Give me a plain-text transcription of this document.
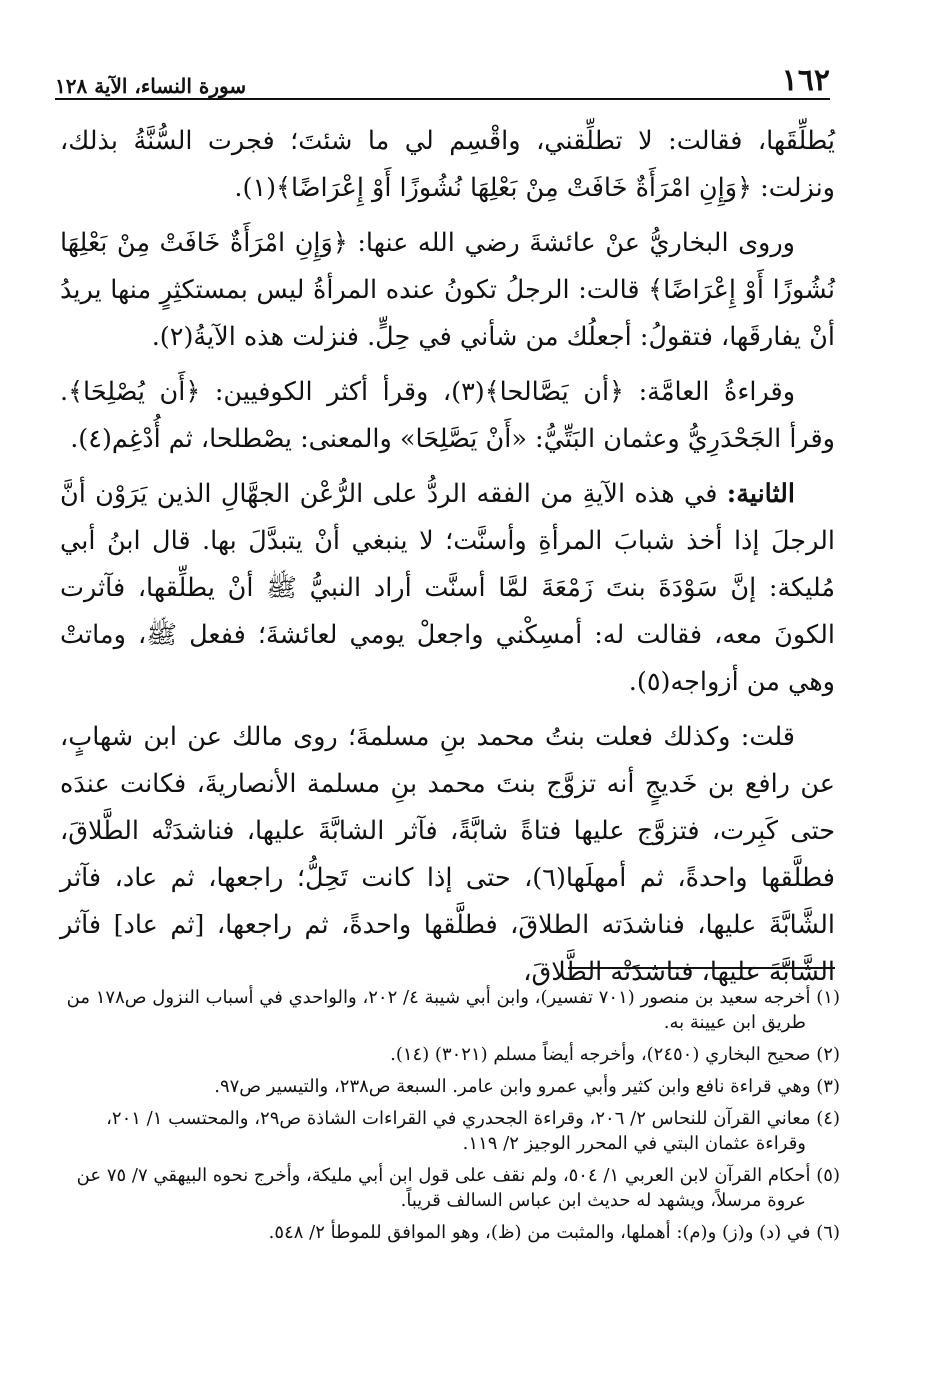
١٦٢
سورة النساء، الآية ١٢٨

يُطلِّقَها، فقالت: لا تطلِّقني، واقْسِم لي ما شئتَ؛ فجرت السُّنَّةُ بذلك، ونزلت: ﴿وَإِنِ امْرَأَةٌ خَافَتْ مِنْ بَعْلِهَا نُشُوزًا أَوْ إِعْرَاضًا﴾(١).

وروى البخاريُّ عنْ عائشةَ رضي الله عنها: ﴿وَإِنِ امْرَأَةٌ خَافَتْ مِنْ بَعْلِهَا نُشُوزًا أَوْ إِعْرَاضًا﴾ قالت: الرجلُ تكونُ عنده المرأةُ ليس بمستكثِرٍ منها يريدُ أنْ يفارقَها، فتقولُ: أجعلُك من شأني في حِلٍّ. فنزلت هذه الآيةُ(٢).

وقراءةُ العامَّة: ﴿أن يَصَّالحا﴾(٣)، وقرأ أكثر الكوفيين: ﴿أَن يُصْلِحَا﴾. وقرأ الجَحْدَرِيُّ وعثمان البَتِّيُّ: «أَنْ يَصَّلِحَا» والمعنى: يصْطلحا، ثم أُدْغِم(٤).

الثانية: في هذه الآيةِ من الفقه الردُّ على الرُّعْن الجهَّالِ الذين يَرَوْن أنَّ الرجلَ إذا أخذ شبابَ المرأةِ وأسنَّت؛ لا ينبغي أنْ يتبدَّلَ بها. قال ابنُ أبي مُليكة: إنَّ سَوْدَةَ بنتَ زَمْعَةَ لمَّا أسنَّت أراد النبيُّ ﷺ أنْ يطلِّقها، فآثرت الكونَ معه، فقالت له: أمسِكْني واجعلْ يومي لعائشةَ؛ ففعل ﷺ، وماتتْ وهي من أزواجه(٥).

قلت: وكذلك فعلت بنتُ محمد بنِ مسلمةَ؛ روى مالك عن ابن شهابٍ، عن رافع بن خَديجٍ أنه تزوَّج بنتَ محمد بنِ مسلمة الأنصاريةَ، فكانت عندَه حتى كَبِرت، فتزوَّج عليها فتاةً شابَّةً، فآثر الشابَّةَ عليها، فناشدَتْه الطَّلاقَ، فطلَّقها واحدةً، ثم أمهلَها(٦)، حتى إذا كانت تَحِلُّ؛ راجعها، ثم عاد، فآثر الشَّابَّةَ عليها، فناشدَته الطلاقَ، فطلَّقها واحدةً، ثم راجعها، [ثم عاد] فآثر الشَّابَّةَ عليها، فناشدَتْه الطَّلاقَ،

(١) أخرجه سعيد بن منصور (٧٠١ تفسير)، وابن أبي شيبة ٤/ ٢٠٢، والواحدي في أسباب النزول ص١٧٨ من طريق ابن عيينة به.

(٢) صحيح البخاري (٢٤٥٠)، وأخرجه أيضاً مسلم (٣٠٢١) (١٤).

(٣) وهي قراءة نافع وابن كثير وأبي عمرو وابن عامر. السبعة ص٢٣٨، والتيسير ص٩٧.

(٤) معاني القرآن للنحاس ٢/ ٢٠٦، وقراءة الجحدري في القراءات الشاذة ص٢٩، والمحتسب ١/ ٢٠١، وقراءة عثمان البتي في المحرر الوجيز ٢/ ١١٩.

(٥) أحكام القرآن لابن العربي ١/ ٥٠٤، ولم نقف على قول ابن أبي مليكة، وأخرج نحوه البيهقي ٧/ ٧٥ عن عروة مرسلاً، ويشهد له حديث ابن عباس السالف قريباً.

(٦) في (د) و(ز) و(م): أهملها، والمثبت من (ظ)، وهو الموافق للموطأ ٢/ ٥٤٨.
